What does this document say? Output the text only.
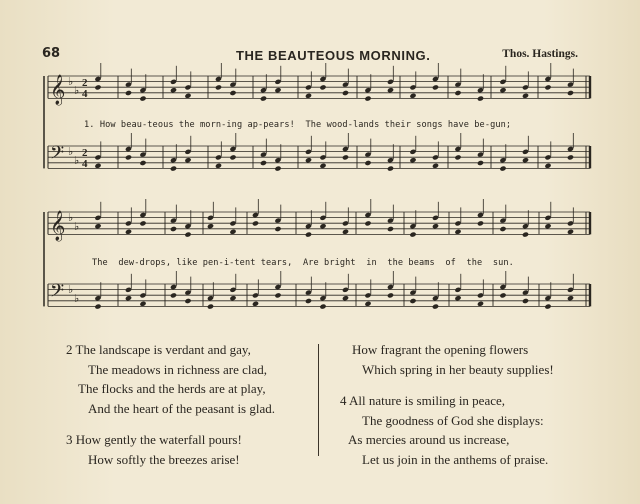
68	THE BEAUTEOUS MORNING.	Thos. Hastings.
𝄞 ♭
♭
2
4
𝄢 ♭
♭
2
4
𝄞 ♭
♭
𝄢 ♭
♭
1. How beau-teous the morn-ing ap-pears!  The wood-lands their songs have be-gun;
The  dew-drops, like pen-i-tent tears,  Are bright  in  the beams  of  the  sun.
2 The landscape is verdant and gay,
The meadows in richness are clad,
The flocks and the herds are at play,
And the heart of the peasant is glad.
3 How gently the waterfall pours!
How softly the breezes arise!
How fragrant the opening flowers
Which spring in her beauty supplies!
4 All nature is smiling in peace,
The goodness of God she displays:
As mercies around us increase,
Let us join in the anthems of praise.
